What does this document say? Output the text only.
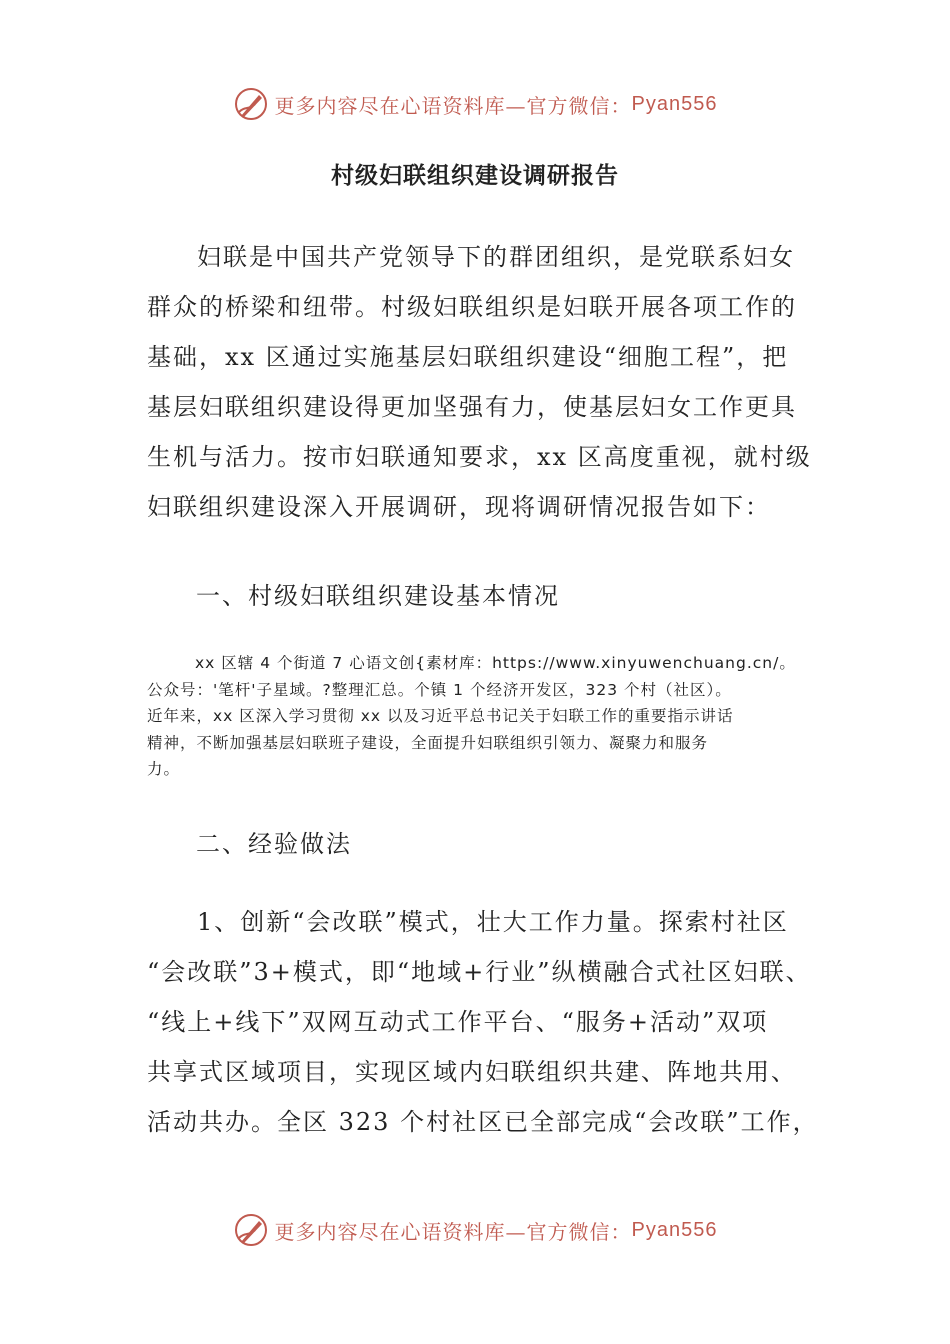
更多内容尽在心语资料库—官方微信： Pyan556
村级妇联组织建设调研报告
妇联是中国共产党领导下的群团组织，是党联系妇女
群众的桥梁和纽带。村级妇联组织是妇联开展各项工作的
基础，xx 区通过实施基层妇联组织建设“细胞工程”，把
基层妇联组织建设得更加坚强有力，使基层妇女工作更具
生机与活力。按市妇联通知要求，xx 区高度重视，就村级
妇联组织建设深入开展调研，现将调研情况报告如下：
一、村级妇联组织建设基本情况
xx 区辖 4 个街道 7 心语文创{素材库：https://www.xinyuwenchuang.cn/。
公众号：'笔杆'子星域。?整理汇总。个镇 1 个经济开发区，323 个村（社区）。
近年来，xx 区深入学习贯彻 xx 以及习近平总书记关于妇联工作的重要指示讲话
精神，不断加强基层妇联班子建设，全面提升妇联组织引领力、凝聚力和服务
力。
二、经验做法
1、创新“会改联”模式，壮大工作力量。探索村社区
“会改联”3+模式，即“地域+行业”纵横融合式社区妇联、
“线上+线下”双网互动式工作平台、“服务+活动”双项
共享式区域项目，实现区域内妇联组织共建、阵地共用、
活动共办。全区 323 个村社区已全部完成“会改联”工作，
更多内容尽在心语资料库—官方微信： Pyan556
